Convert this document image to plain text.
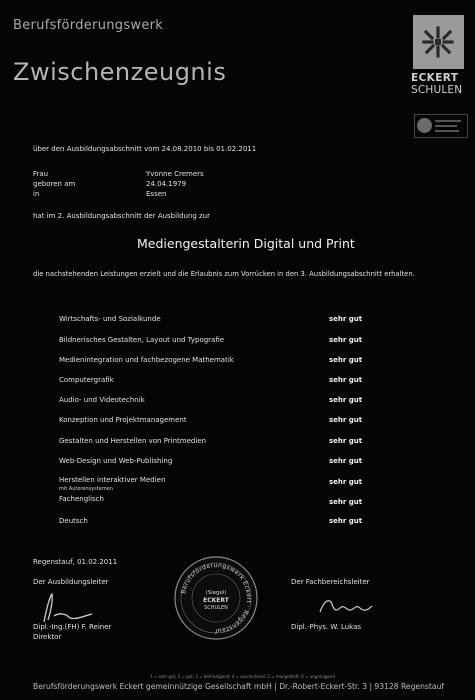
Berufsförderungswerk
Zwischenzeugnis	ECKERT
SCHULEN
über den Ausbildungsabschnitt vom 24.08.2010 bis 01.02.2011
Frau	Yvonne Cremers
geboren am	24.04.1979
in	Essen
hat im 2. Ausbildungsabschnitt der Ausbildung zur
Mediengestalterin Digital und Print
die nachstehenden Leistungen erzielt und die Erlaubnis zum Vorrücken in den 3. Ausbildungsabschnitt erhalten.
Wirtschafts- und Sozialkunde	sehr gut
Bildnerisches Gestalten, Layout und Typografie	sehr gut
Medienintegration und fachbezogene Mathematik	sehr gut
Computergrafik	sehr gut
Audio- und Videotechnik	sehr gut
Konzeption und Projektmanagement	sehr gut
Gestalten und Herstellen von Printmedien	sehr gut
Web-Design und Web-Publishing	sehr gut
Herstellen interaktiver Medien
mit Autorensystemen
sehr gut
Fachenglisch	sehr gut
Deutsch	sehr gut
Regenstauf, 01.02.2011
Der Ausbildungsleiter	Der Fachbereichsleiter
Dipl.-Ing.(FH) F. Reiner
Direktor
Dipl.-Phys. W. Lukas
Berufsförderungswerk Eckert · Regenstauf
(Siegel)
ECKERT
SCHULEN
1 = sehr gut; 2 = gut; 3 = befriedigend; 4 = ausreichend; 5 = mangelhaft; 6 = ungenügend
Berufsförderungswerk Eckert gemeinnützige Gesellschaft mbH | Dr.-Robert-Eckert-Str. 3 | 93128 Regenstauf
